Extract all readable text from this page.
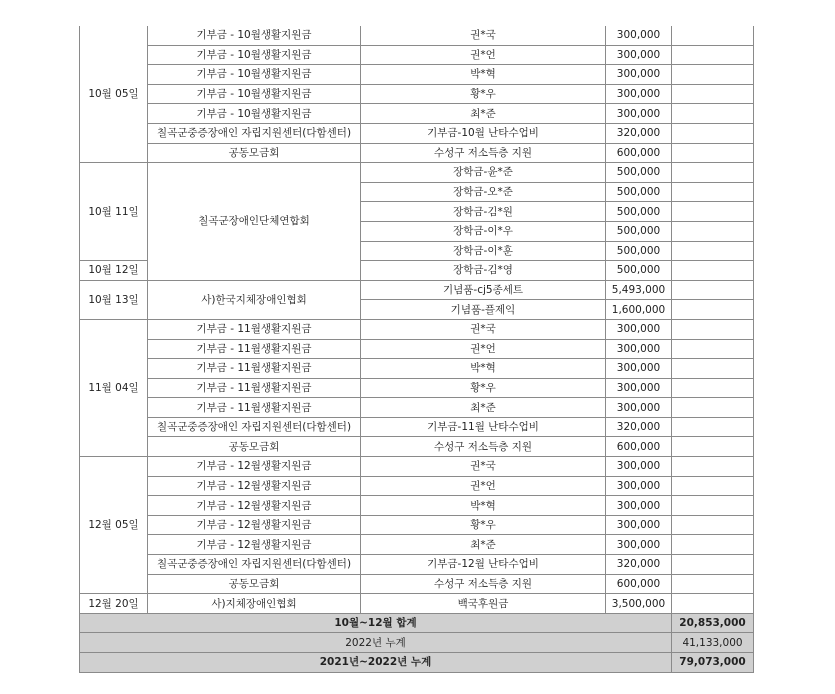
10월 05일	기부금 - 10월생활지원금	권*국	300,000	
	기부금 - 10월생활지원금	권*언	300,000	
	기부금 - 10월생활지원금	박*혁	300,000	
	기부금 - 10월생활지원금	황*우	300,000	
	기부금 - 10월생활지원금	최*준	300,000	
	칠곡군중증장애인 자립지원센터(다함센터)	기부금-10월 난타수업비	320,000	
	공동모금회	수성구 저소득층 지원	600,000	
10월 11일	칠곡군장애인단체연합회	장학금-윤*준	500,000	
		장학금-오*준	500,000	
		장학금-김*원	500,000	
		장학금-이*우	500,000	
		장학금-이*훈	500,000	
10월 12일		장학금-김*영	500,000	
10월 13일	사)한국지체장애인협회	기념품-cj5종세트	5,493,000	
		기념품-플제익	1,600,000	
11월 04일	기부금 - 11월생활지원금	권*국	300,000	
	기부금 - 11월생활지원금	권*언	300,000	
	기부금 - 11월생활지원금	박*혁	300,000	
	기부금 - 11월생활지원금	황*우	300,000	
	기부금 - 11월생활지원금	최*준	300,000	
	칠곡군중증장애인 자립지원센터(다함센터)	기부금-11월 난타수업비	320,000	
	공동모금회	수성구 저소득층 지원	600,000	
12월 05일	기부금 - 12월생활지원금	권*국	300,000	
	기부금 - 12월생활지원금	권*언	300,000	
	기부금 - 12월생활지원금	박*혁	300,000	
	기부금 - 12월생활지원금	황*우	300,000	
	기부금 - 12월생활지원금	최*준	300,000	
	칠곡군중증장애인 자립지원센터(다함센터)	기부금-12월 난타수업비	320,000	
	공동모금회	수성구 저소득층 지원	600,000	
12월 20일	사)지체장애인협회	백국후원금	3,500,000	
10월~12월 합계				20,853,000
2022년 누계				41,133,000
2021년~2022년 누계				79,073,000
